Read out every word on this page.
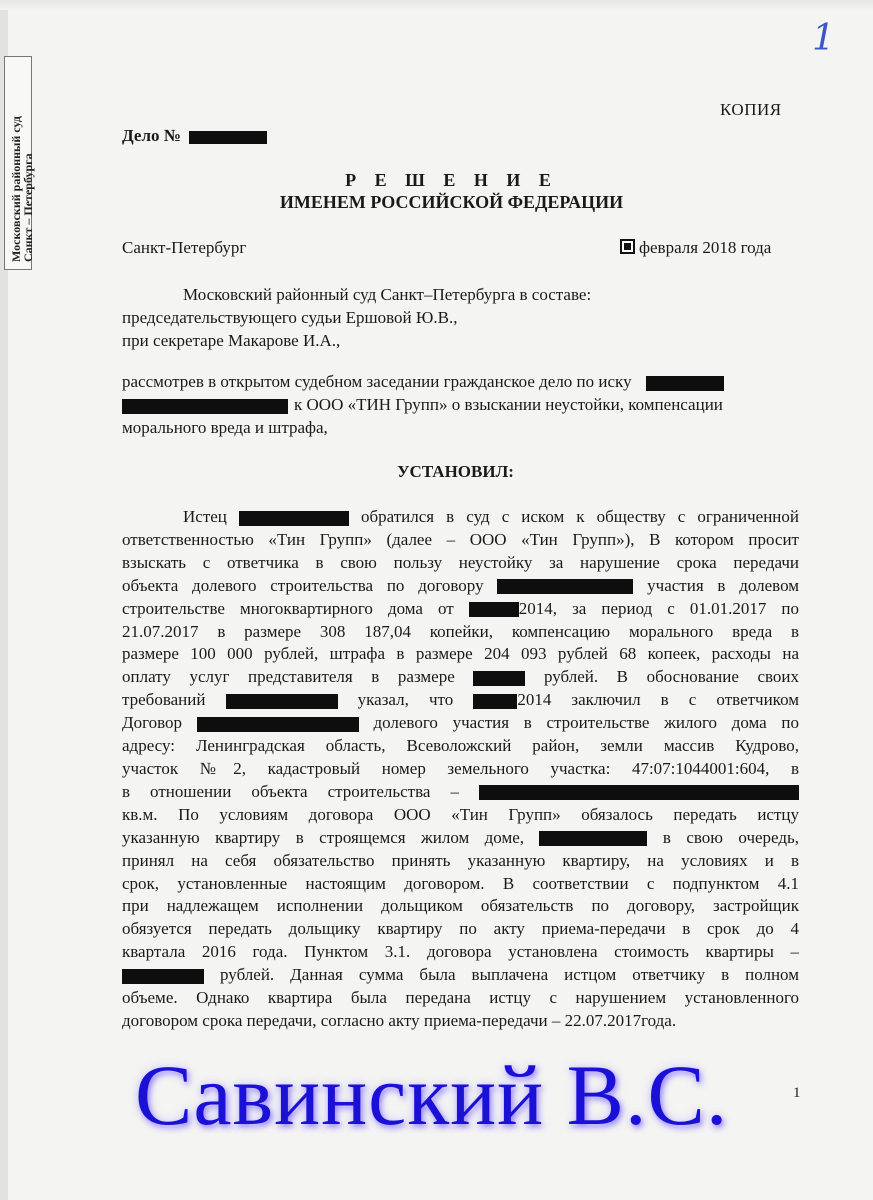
Московский районный суд
Санкт – Петербурга
1
КОПИЯ
Дело №
Р Е Ш Е Н И Е
ИМЕНЕМ РОССИЙСКОЙ ФЕДЕРАЦИИ
Санкт-Петербург	февраля 2018 года
Московский районный суд Санкт–Петербурга в составе:
председательствующего судьи Ершовой Ю.В.,
при секретаре Макарове И.А.,
рассмотрев в открытом судебном заседании гражданское дело по иску
к ООО «ТИН Групп» о взыскании неустойки, компенсации
морального вреда и штрафа,
УСТАНОВИЛ:
Истец	обратился в суд с иском к обществу с ограниченной
ответственностью «Тин Групп» (далее – ООО «Тин Групп»), В котором просит
взыскать с ответчика в свою пользу неустойку за нарушение срока передачи
объекта долевого строительства по договору	участия в долевом
строительстве многоквартирного дома от	2014, за период с 01.01.2017 по
21.07.2017 в размере 308 187,04 копейки, компенсацию морального вреда в
размере 100 000 рублей, штрафа в размере 204 093 рублей 68 копеек, расходы на
оплату услуг представителя в размере	рублей. В обоснование своих
требований	указал, что	2014 заключил в с ответчиком
Договор	долевого участия в строительстве жилого дома по
адресу: Ленинградская область, Всеволожский район, земли массив Кудрово,
участок №2, кадастровый номер земельного участка: 47:07:1044001:604, в
в отношении объекта строительства –
кв.м. По условиям договора ООО «Тин Групп» обязалось передать истцу
указанную квартиру в строящемся жилом доме,	в свою очередь,
принял на себя обязательство принять указанную квартиру, на условиях и в
срок, установленные настоящим договором. В соответствии с подпунктом 4.1
при надлежащем исполнении дольщиком обязательств по договору, застройщик
обязуется передать дольщику квартиру по акту приема-передачи в срок до 4
квартала 2016 года. Пунктом 3.1. договора установлена стоимость квартиры –
рублей. Данная сумма была выплачена истцом ответчику в полном
объеме. Однако квартира была передана истцу с нарушением установленного
договором срока передачи, согласно акту приема-передачи – 22.07.2017года.
1
Савинский В.С.
